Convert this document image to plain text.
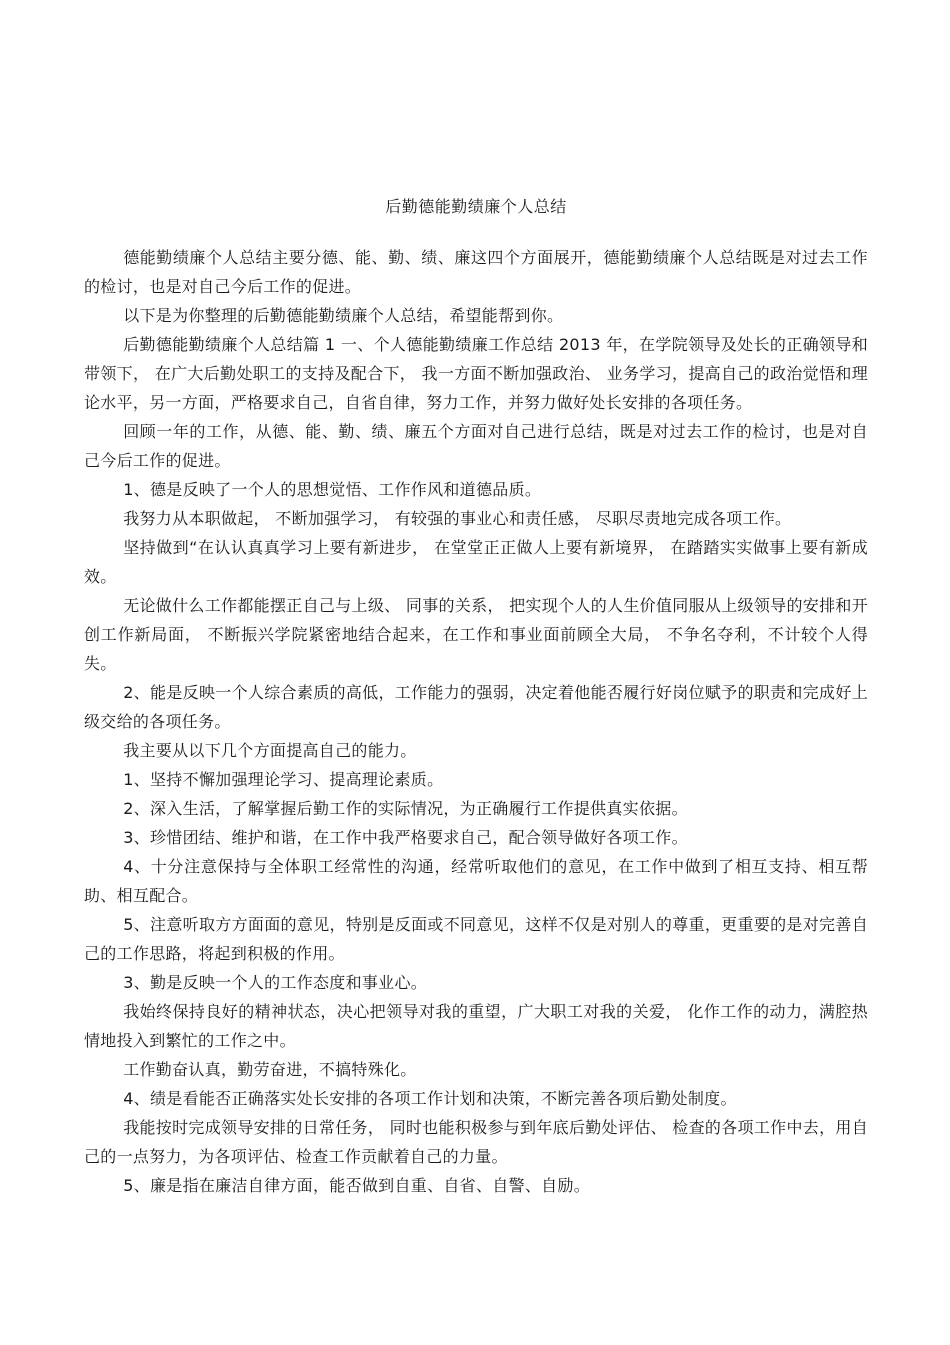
后勤德能勤绩廉个人总结

德能勤绩廉个人总结主要分德、能、勤、绩、廉这四个方面展开，德能勤绩廉个人总结既是对过去工作的检讨，也是对自己今后工作的促进。

以下是为你整理的后勤德能勤绩廉个人总结，希望能帮到你。

后勤德能勤绩廉个人总结篇 1 一、个人德能勤绩廉工作总结 2013 年，在学院领导及处长的正确领导和带领下， 在广大后勤处职工的支持及配合下， 我一方面不断加强政治、 业务学习，提高自己的政治觉悟和理论水平，另一方面，严格要求自己，自省自律，努力工作，并努力做好处长安排的各项任务。

回顾一年的工作，从德、能、勤、绩、廉五个方面对自己进行总结，既是对过去工作的检讨，也是对自己今后工作的促进。

1、德是反映了一个人的思想觉悟、工作作风和道德品质。

我努力从本职做起， 不断加强学习， 有较强的事业心和责任感， 尽职尽责地完成各项工作。

坚持做到“在认认真真学习上要有新进步， 在堂堂正正做人上要有新境界， 在踏踏实实做事上要有新成效。

无论做什么工作都能摆正自己与上级、 同事的关系， 把实现个人的人生价值同服从上级领导的安排和开创工作新局面， 不断振兴学院紧密地结合起来，在工作和事业面前顾全大局， 不争名夺利，不计较个人得失。

2、能是反映一个人综合素质的高低，工作能力的强弱，决定着他能否履行好岗位赋予的职责和完成好上级交给的各项任务。

我主要从以下几个方面提高自己的能力。

1、坚持不懈加强理论学习、提高理论素质。

2、深入生活，了解掌握后勤工作的实际情况，为正确履行工作提供真实依据。

3、珍惜团结、维护和谐，在工作中我严格要求自己，配合领导做好各项工作。

4、十分注意保持与全体职工经常性的沟通，经常听取他们的意见，在工作中做到了相互支持、相互帮助、相互配合。

5、注意听取方方面面的意见，特别是反面或不同意见，这样不仅是对别人的尊重，更重要的是对完善自己的工作思路，将起到积极的作用。

3、勤是反映一个人的工作态度和事业心。

我始终保持良好的精神状态，决心把领导对我的重望，广大职工对我的关爱， 化作工作的动力，满腔热情地投入到繁忙的工作之中。

工作勤奋认真，勤劳奋进，不搞特殊化。

4、绩是看能否正确落实处长安排的各项工作计划和决策，不断完善各项后勤处制度。

我能按时完成领导安排的日常任务， 同时也能积极参与到年底后勤处评估、 检查的各项工作中去，用自己的一点努力，为各项评估、检查工作贡献着自己的力量。

5、廉是指在廉洁自律方面，能否做到自重、自省、自警、自励。
